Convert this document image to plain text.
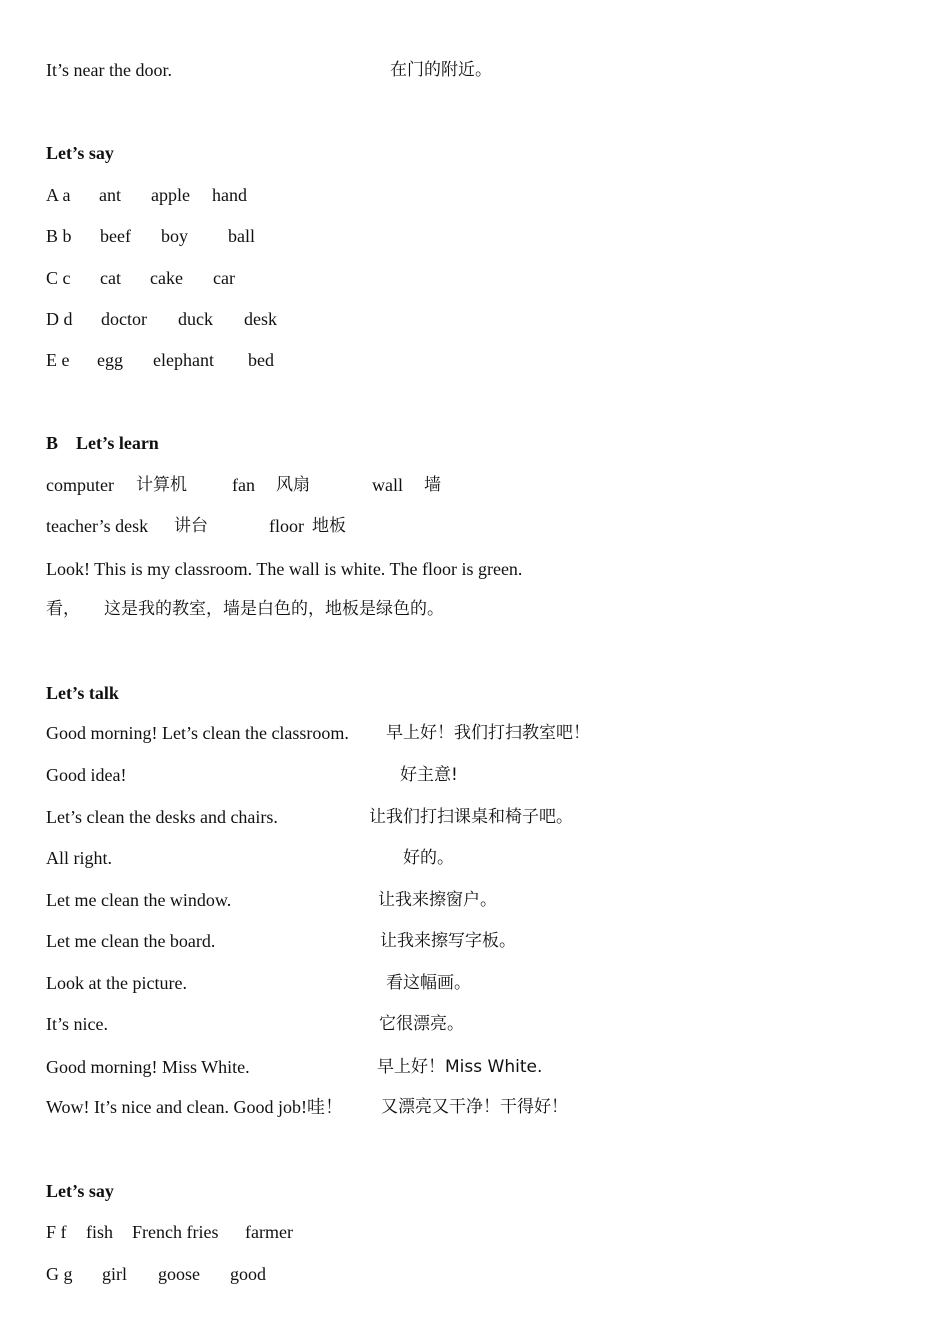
It’s near the door.	在门的附近。
Let’s say
A a ant apple hand
B b beef boy ball
C c cat cake car
D d doctor duck desk
E e egg elephant bed
B    Let’s learn
computer 计算机	fan 风扇	wall 墙
teacher’s desk 讲台	floor 地板
Look! This is my classroom. The wall is white. The floor is green.
看， 这是我的教室，墙是白色的，地板是绿色的。
Let’s talk
Good morning! Let’s clean the classroom. 早上好！我们打扫教室吧！
Good idea!	好主意!
Let’s clean the desks and chairs.	让我们打扫课桌和椅子吧。
All right.	好的。
Let me clean the window.	让我来擦窗户。
Let me clean the board.	让我来擦写字板。
Look at the picture.	看这幅画。
It’s nice.	它很漂亮。
Good morning! Miss White.	早上好！Miss White.
Wow! It’s nice and clean. Good job!哇！ 又漂亮又干净！干得好！
Let’s say
F f fish French fries farmer
G g girl goose good
